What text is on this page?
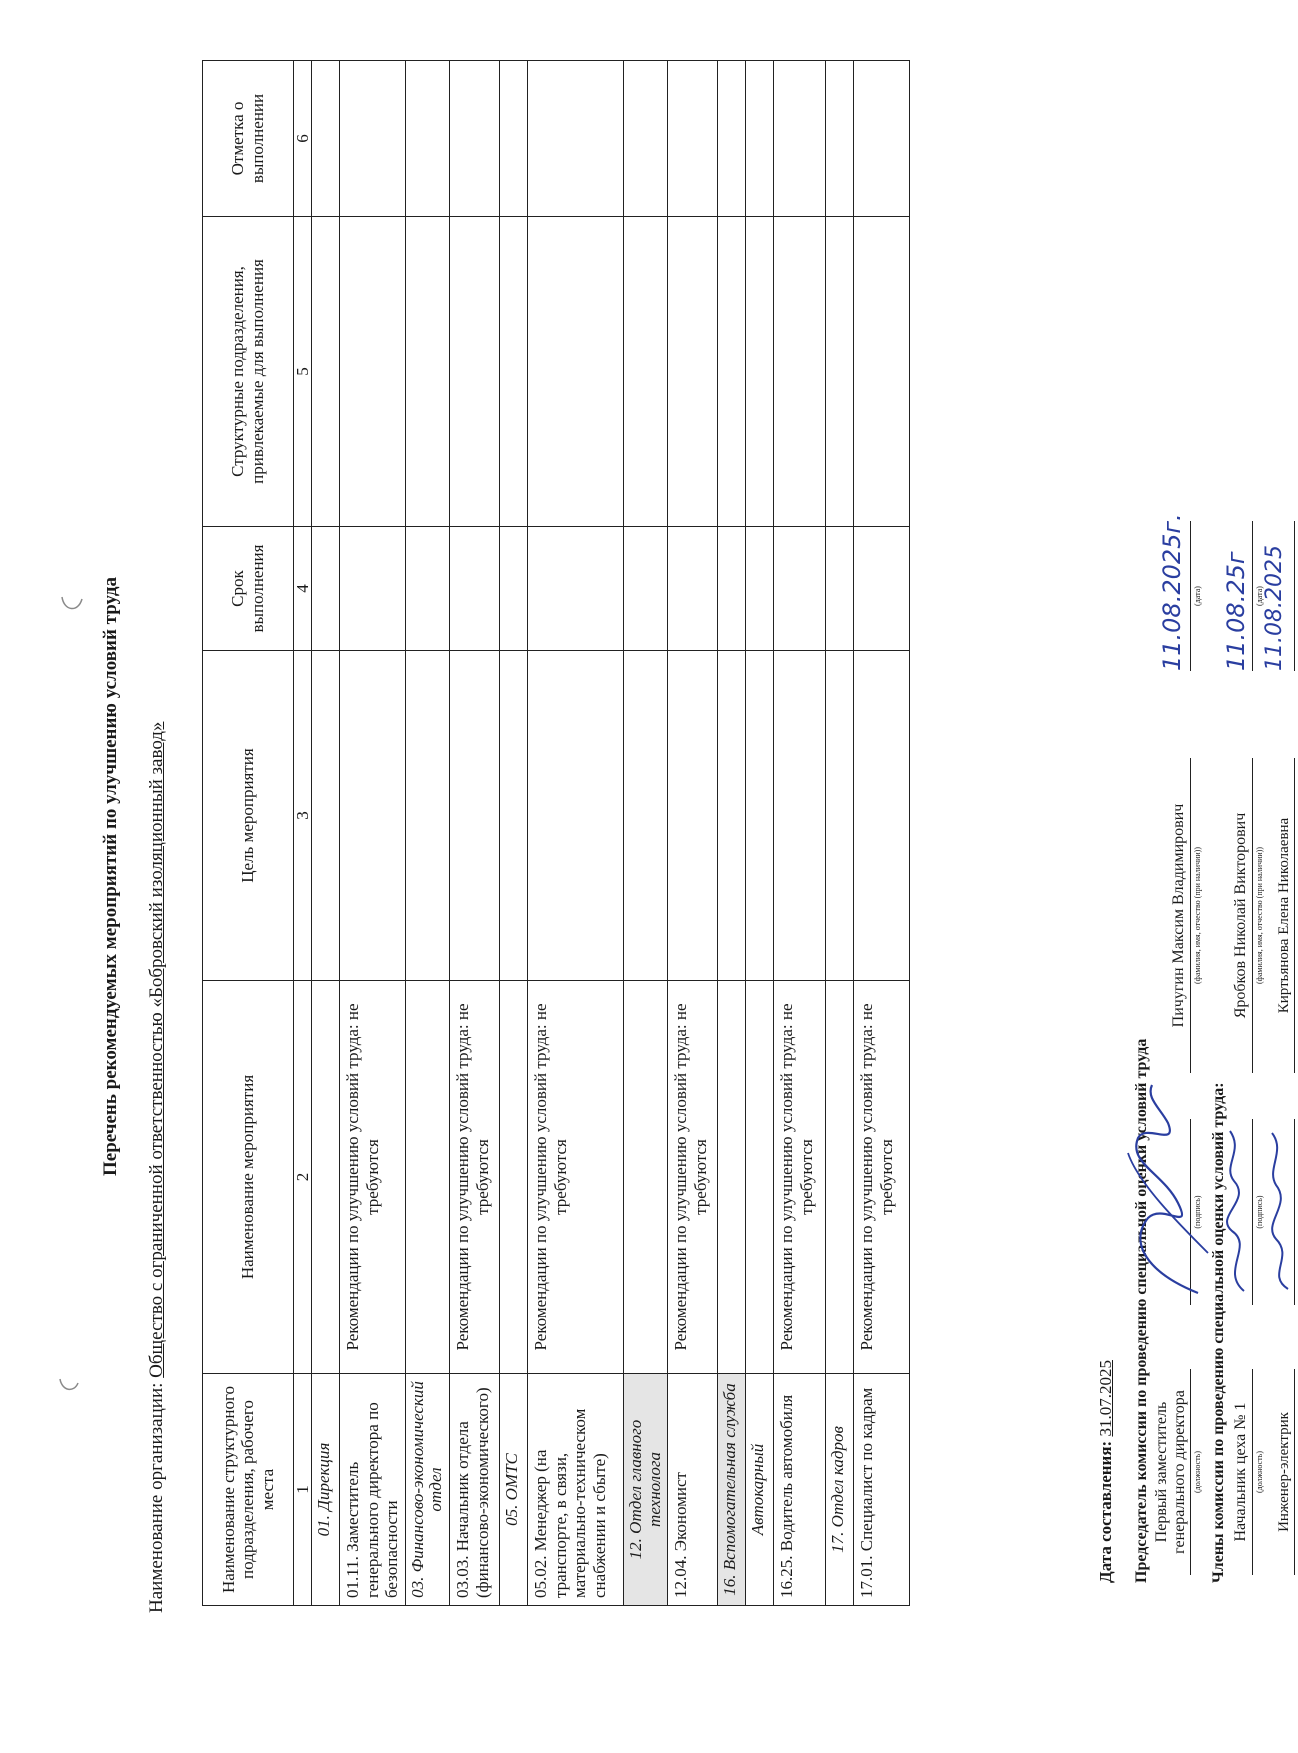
Перечень рекомендуемых мероприятий по улучшению условий труда
Наименование организации: Общество с ограниченной ответственностью «Бобровский изоляционный завод»
Наименование структурного подразделения, рабочего места	Наименование мероприятия	Цель мероприятия	Срок выполнения	Структурные подразделения, привлекаемые для выполнения	Отметка о выполнении
1	2	3	4	5	6
01. Дирекция					
01.11. Заместитель генерального директора по безопасности	Рекомендации по улучшению условий труда: не требуются				
03. Финансово-экономический отдел					
03.03. Начальник отдела (финансово-экономического)	Рекомендации по улучшению условий труда: не требуются				
05. ОМТС					
05.02. Менеджер (на транспорте, в связи, материально-техническом снабжении и сбыте)	Рекомендации по улучшению условий труда: не требуются				
12. Отдел главного технолога					
12.04. Экономист	Рекомендации по улучшению условий труда: не требуются				
16. Вспомогательная служба					
Автокарный					
16.25. Водитель автомобиля	Рекомендации по улучшению условий труда: не требуются				
17. Отдел кадров					
17.01. Специалист по кадрам	Рекомендации по улучшению условий труда: не требуются				
Дата составления: 31.07.2025 Председатель комиссии по проведению специальной оценки условий труда Первый заместитель генерального директора (должность)
(подпись)
Пичугин Максим Владимирович (фамилия, имя, отчество (при наличии))
11.08.2025г. (дата)
Члены комиссии по проведению специальной оценки условий труда: Начальник цеха № 1 (должность)
(подпись)
Яробков Николай Викторович (фамилия, имя, отчество (при наличии))
11.08.25г (дата)
Инженер-электрик
Киртьянова Елена Николаевна
11.08.2025
